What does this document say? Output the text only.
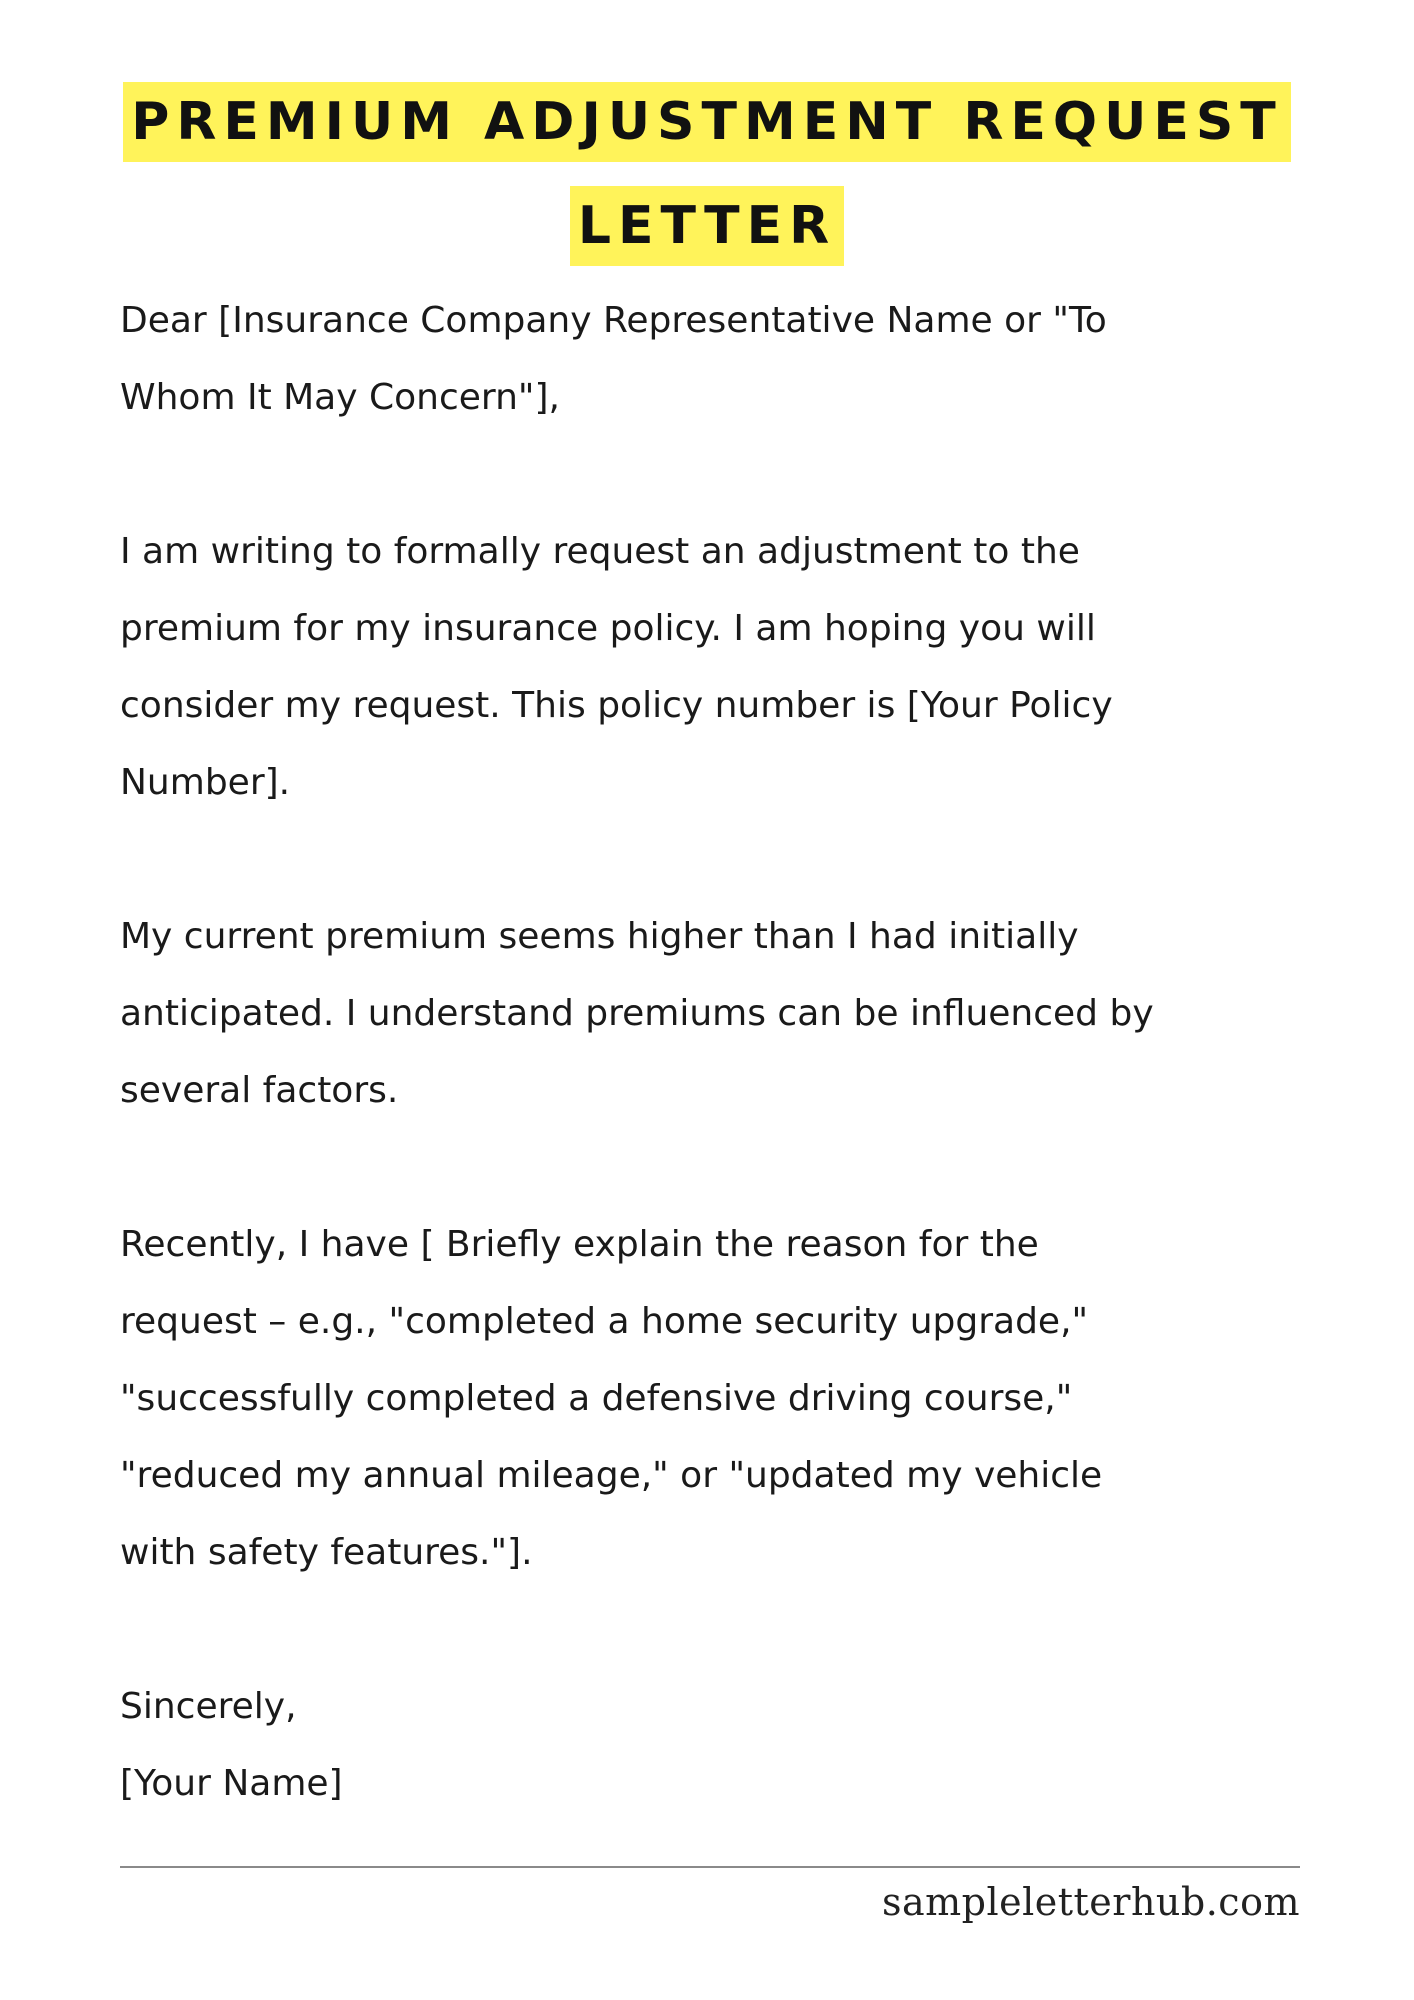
PREMIUM ADJUSTMENT REQUEST
LETTER

Dear [Insurance Company Representative Name or "To
Whom It May Concern"],

I am writing to formally request an adjustment to the
premium for my insurance policy. I am hoping you will
consider my request. This policy number is [Your Policy
Number].

My current premium seems higher than I had initially
anticipated. I understand premiums can be influenced by
several factors.

Recently, I have [ Briefly explain the reason for the
request – e.g., "completed a home security upgrade,"
"successfully completed a defensive driving course,"
"reduced my annual mileage," or "updated my vehicle
with safety features."].

Sincerely,
[Your Name]

sampleletterhub.com
